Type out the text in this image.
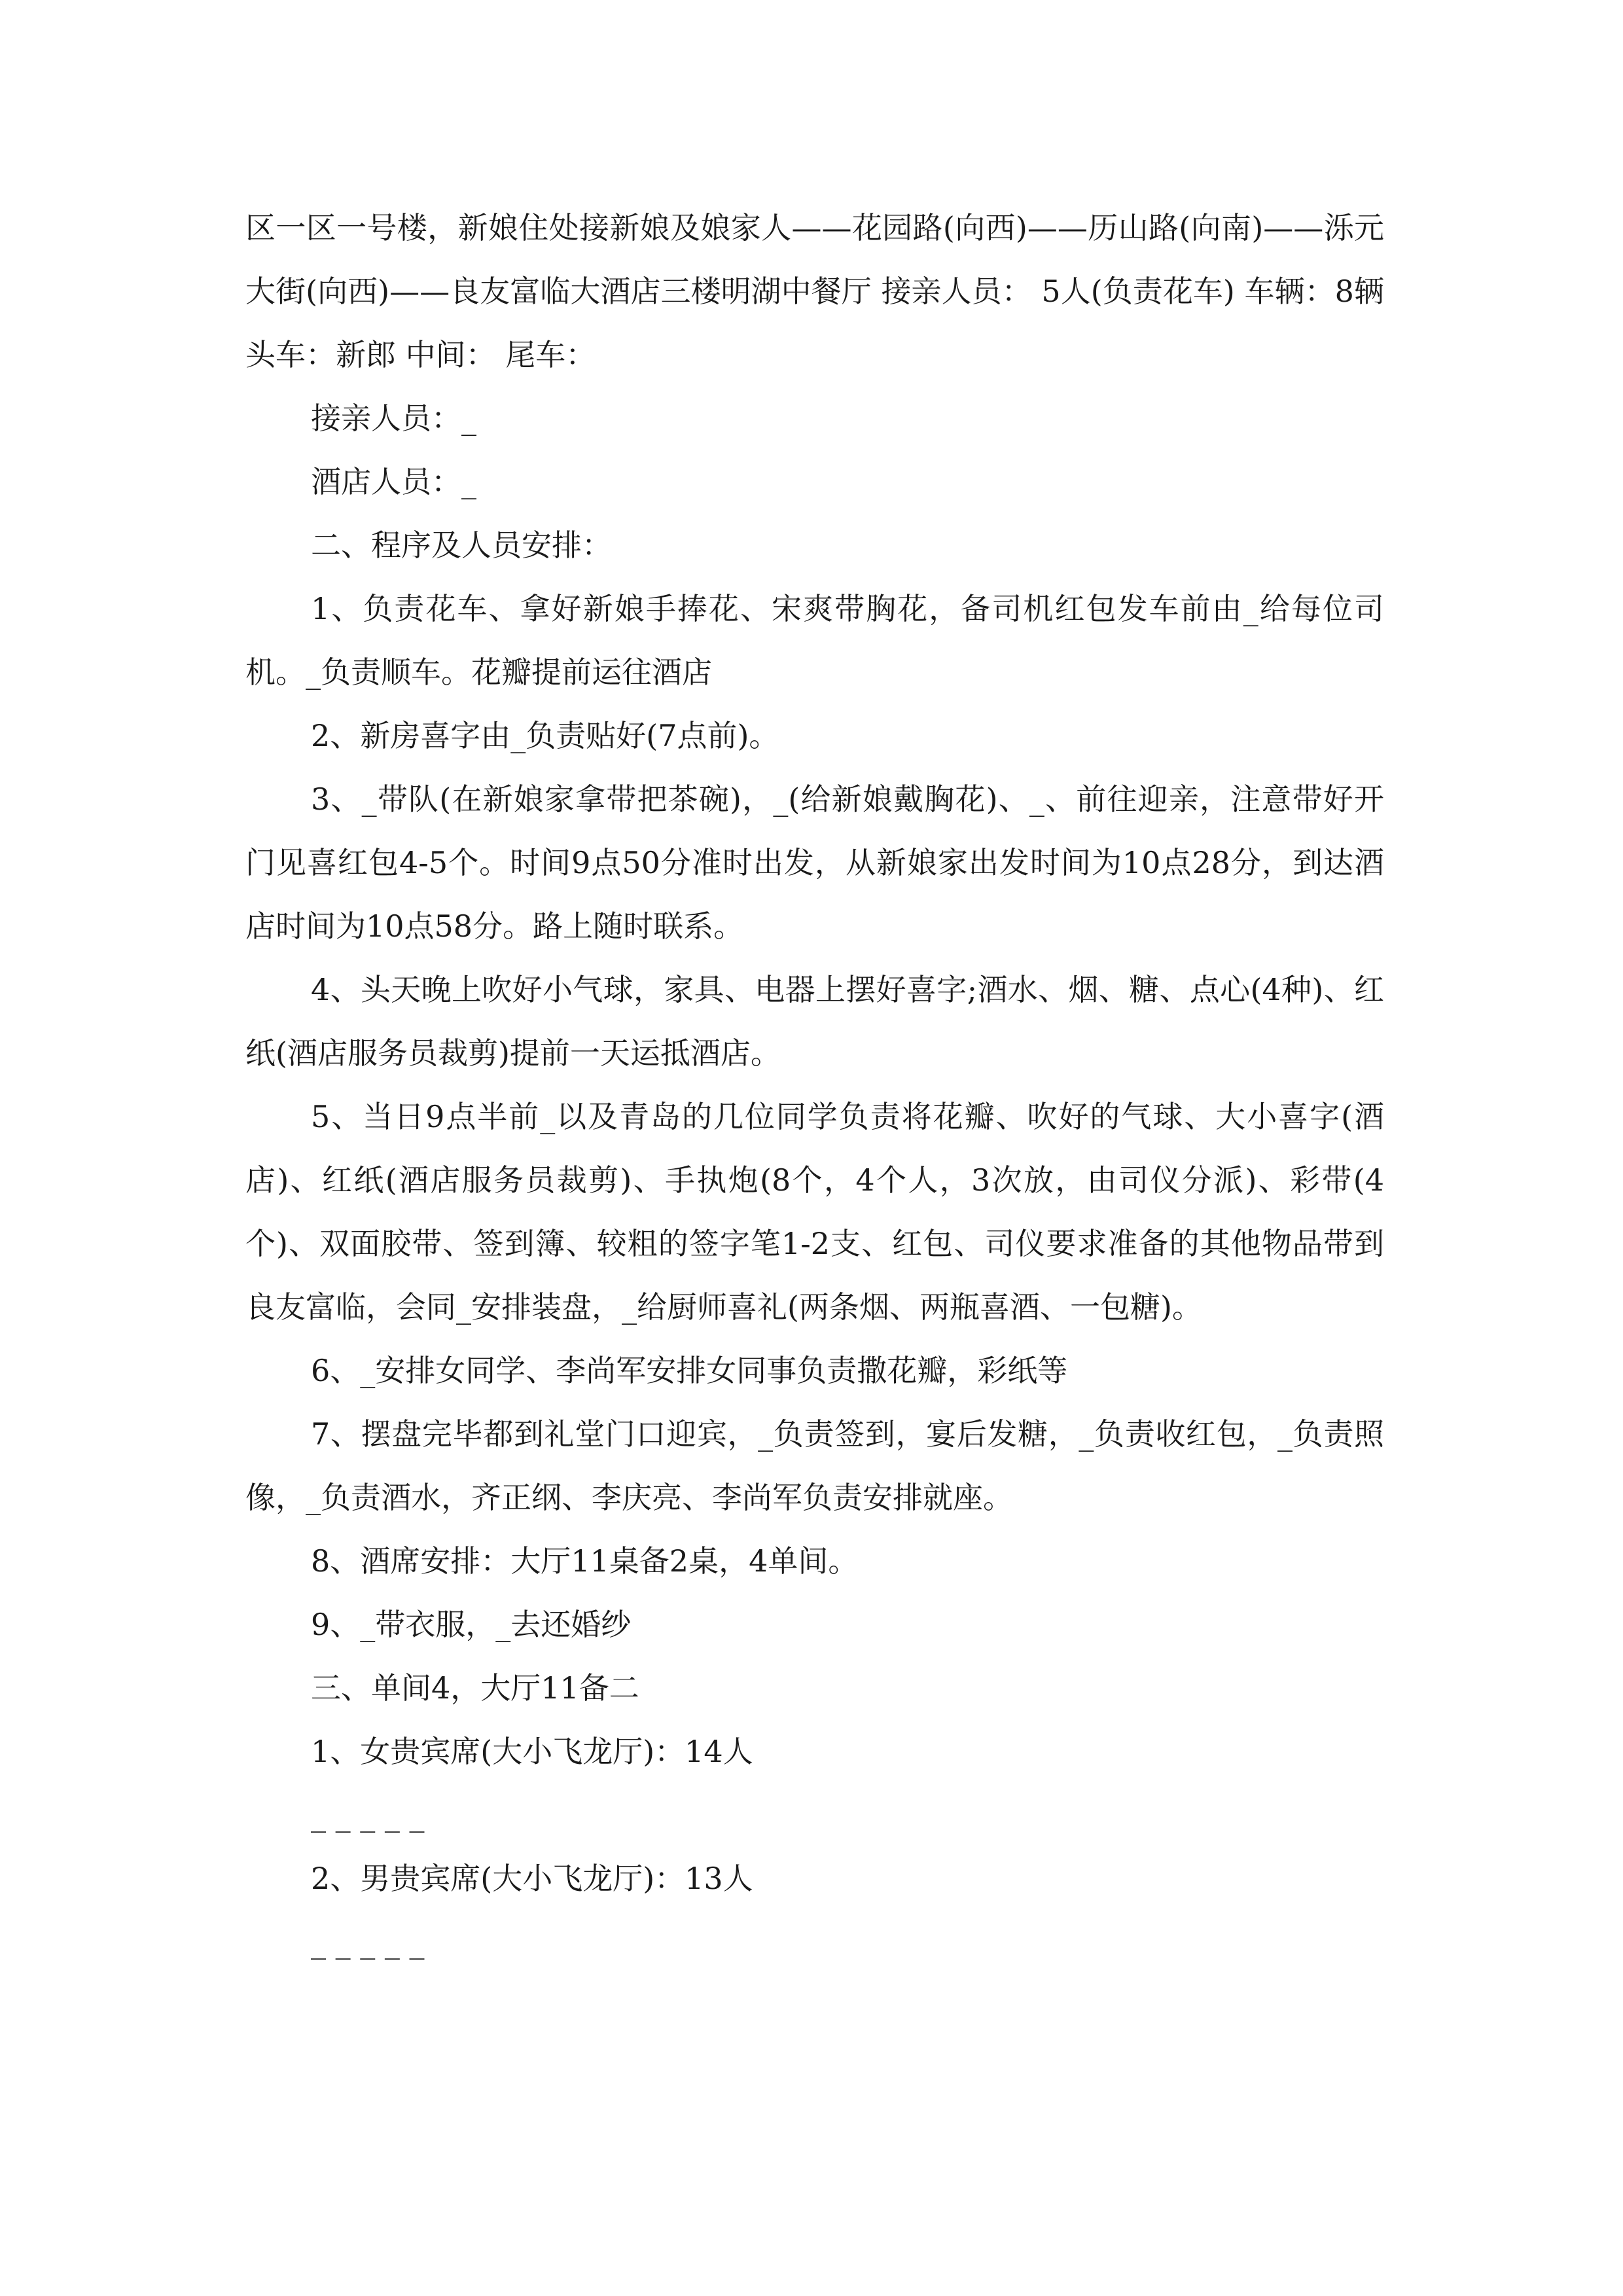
区一区一号楼，新娘住处接新娘及娘家人——花园路(向西)——历山路(向南)——泺元大街(向西)——良友富临大酒店三楼明湖中餐厅 接亲人员： 5人(负责花车) 车辆：8辆 头车：新郎 中间： 尾车：

接亲人员：_

酒店人员：_

二、程序及人员安排：

1、负责花车、拿好新娘手捧花、宋爽带胸花，备司机红包发车前由_给每位司机。_负责顺车。花瓣提前运往酒店

2、新房喜字由_负责贴好(7点前)。

3、_带队(在新娘家拿带把茶碗)，_(给新娘戴胸花)、_、前往迎亲，注意带好开门见喜红包4-5个。时间9点50分准时出发，从新娘家出发时间为10点28分，到达酒店时间为10点58分。路上随时联系。

4、头天晚上吹好小气球，家具、电器上摆好喜字;酒水、烟、糖、点心(4种)、红纸(酒店服务员裁剪)提前一天运抵酒店。

5、当日9点半前_以及青岛的几位同学负责将花瓣、吹好的气球、大小喜字(酒店)、红纸(酒店服务员裁剪)、手执炮(8个，4个人，3次放，由司仪分派)、彩带(4个)、双面胶带、签到簿、较粗的签字笔1-2支、红包、司仪要求准备的其他物品带到良友富临，会同_安排装盘，_给厨师喜礼(两条烟、两瓶喜酒、一包糖)。

6、_安排女同学、李尚军安排女同事负责撒花瓣，彩纸等

7、摆盘完毕都到礼堂门口迎宾，_负责签到，宴后发糖，_负责收红包，_负责照像，_负责酒水，齐正纲、李庆亮、李尚军负责安排就座。

8、酒席安排：大厅11桌备2桌，4单间。

9、_带衣服，_去还婚纱

三、单间4，大厅11备二

1、女贵宾席(大小飞龙厅)：14人

_ _ _ _ _

2、男贵宾席(大小飞龙厅)：13人

_ _ _ _ _
